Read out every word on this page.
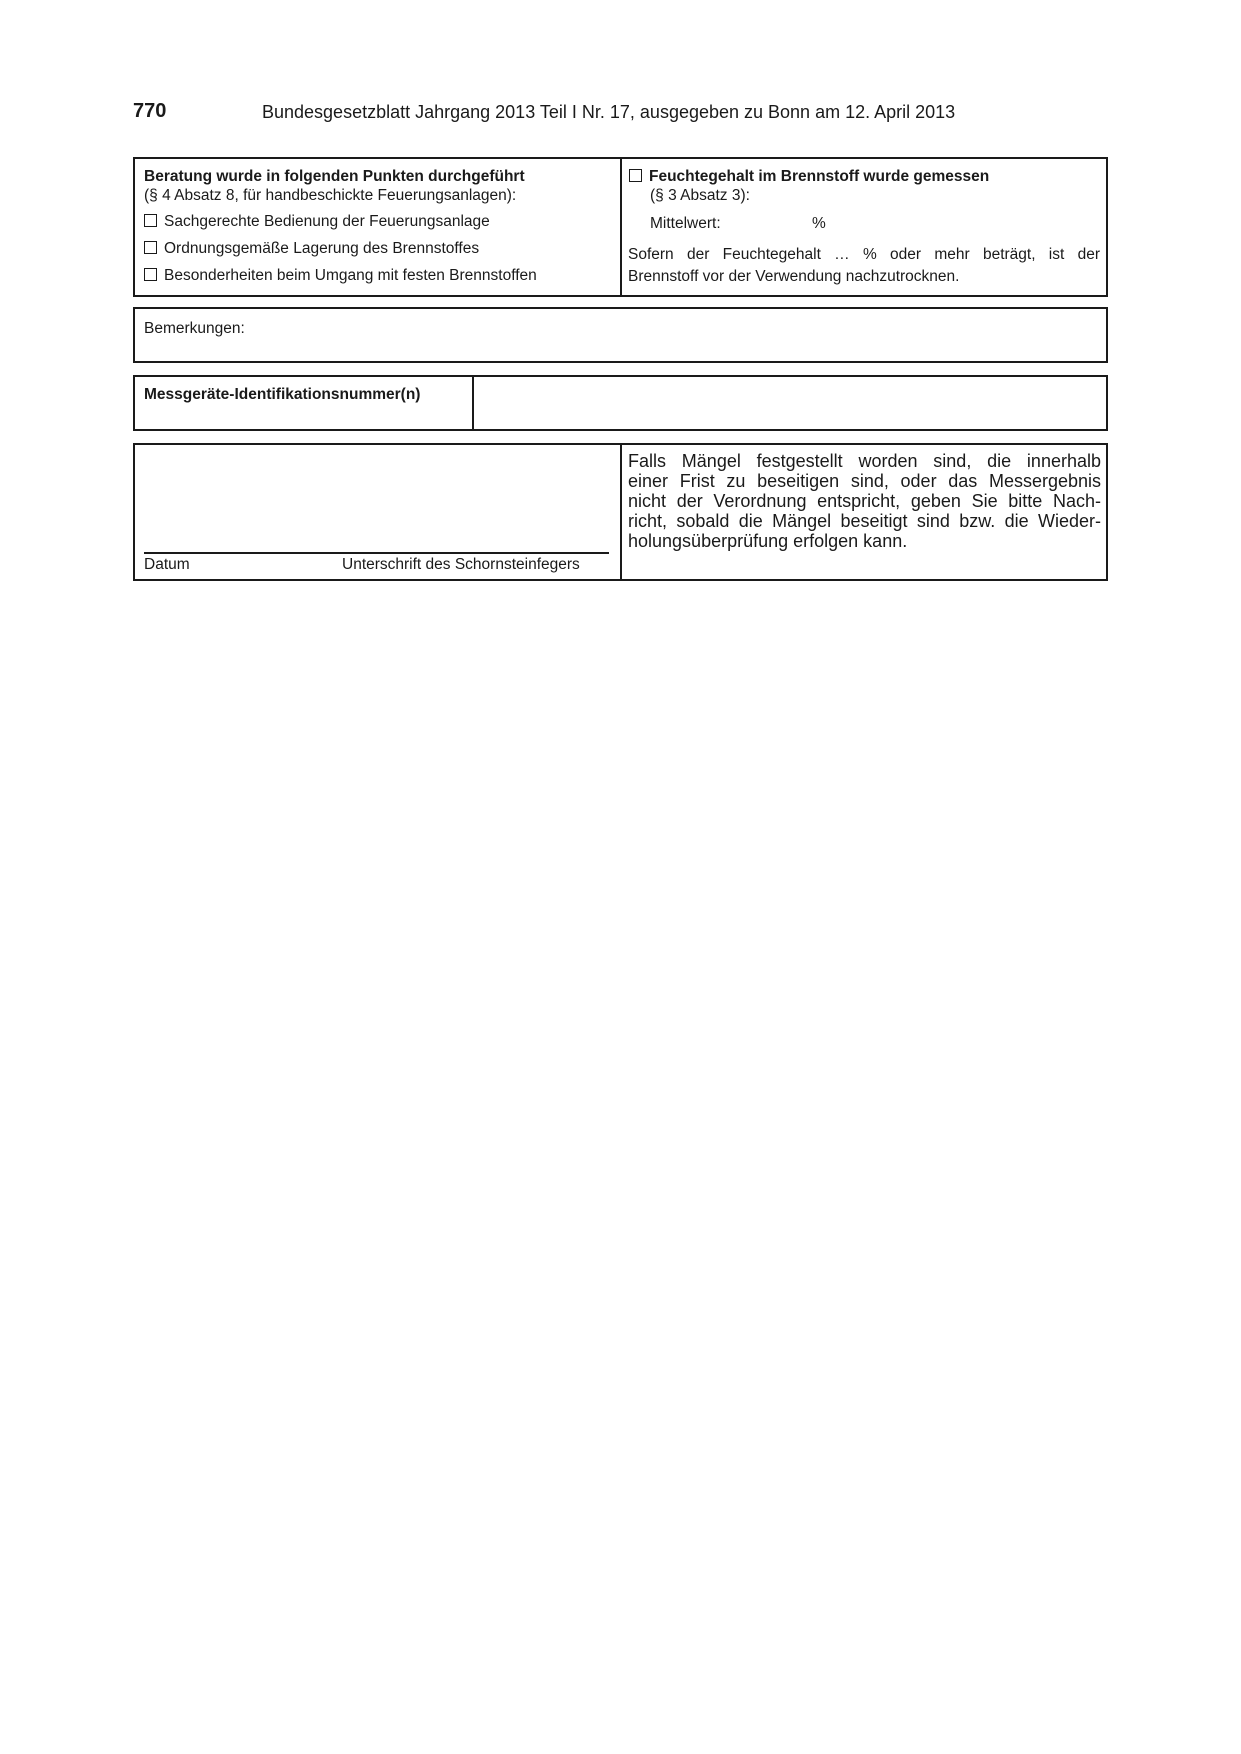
770	Bundesgesetzblatt Jahrgang 2013 Teil I Nr. 17, ausgegeben zu Bonn am 12. April 2013
Beratung wurde in folgenden Punkten durchgeführt
(§ 4 Absatz 8, für handbeschickte Feuerungsanlagen):
Sachgerechte Bedienung der Feuerungsanlage
Ordnungsgemäße Lagerung des Brennstoffes
Besonderheiten beim Umgang mit festen Brennstoffen
Feuchtegehalt im Brennstoff wurde gemessen
(§ 3 Absatz 3):
Mittelwert:	%
Sofern der Feuchtegehalt … % oder mehr beträgt, ist der
Brennstoff vor der Verwendung nachzutrocknen.
Bemerkungen:
Messgeräte-Identifikationsnummer(n)
Datum	Unterschrift des Schornsteinfegers
Falls Mängel festgestellt worden sind, die innerhalb
einer Frist zu beseitigen sind, oder das Messergebnis
nicht der Verordnung entspricht, geben Sie bitte Nach-
richt, sobald die Mängel beseitigt sind bzw. die Wieder-
holungsüberprüfung erfolgen kann.
